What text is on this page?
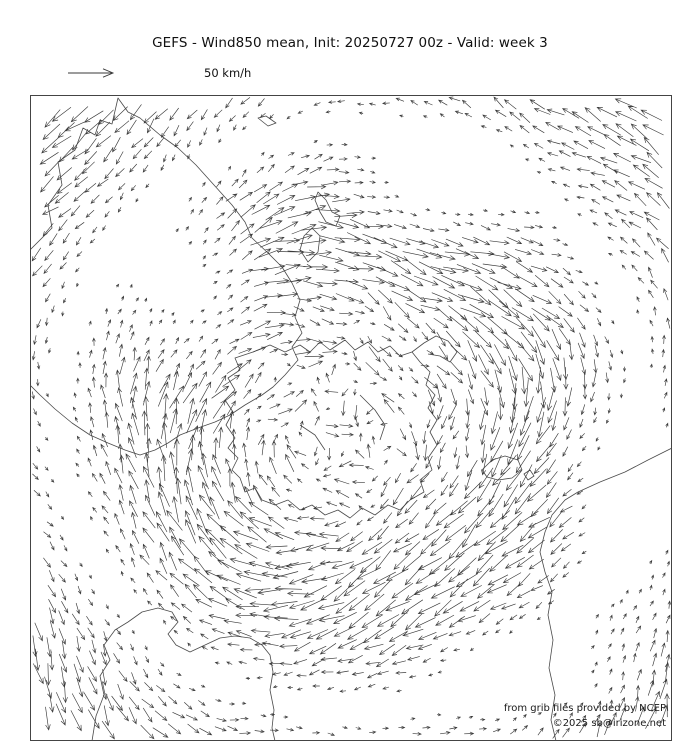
GEFS - Wind850 mean, Init: 20250727 00z - Valid: week 3
50 km/h
from grib files provided by NCEP
©2025 sb@irizone.net
